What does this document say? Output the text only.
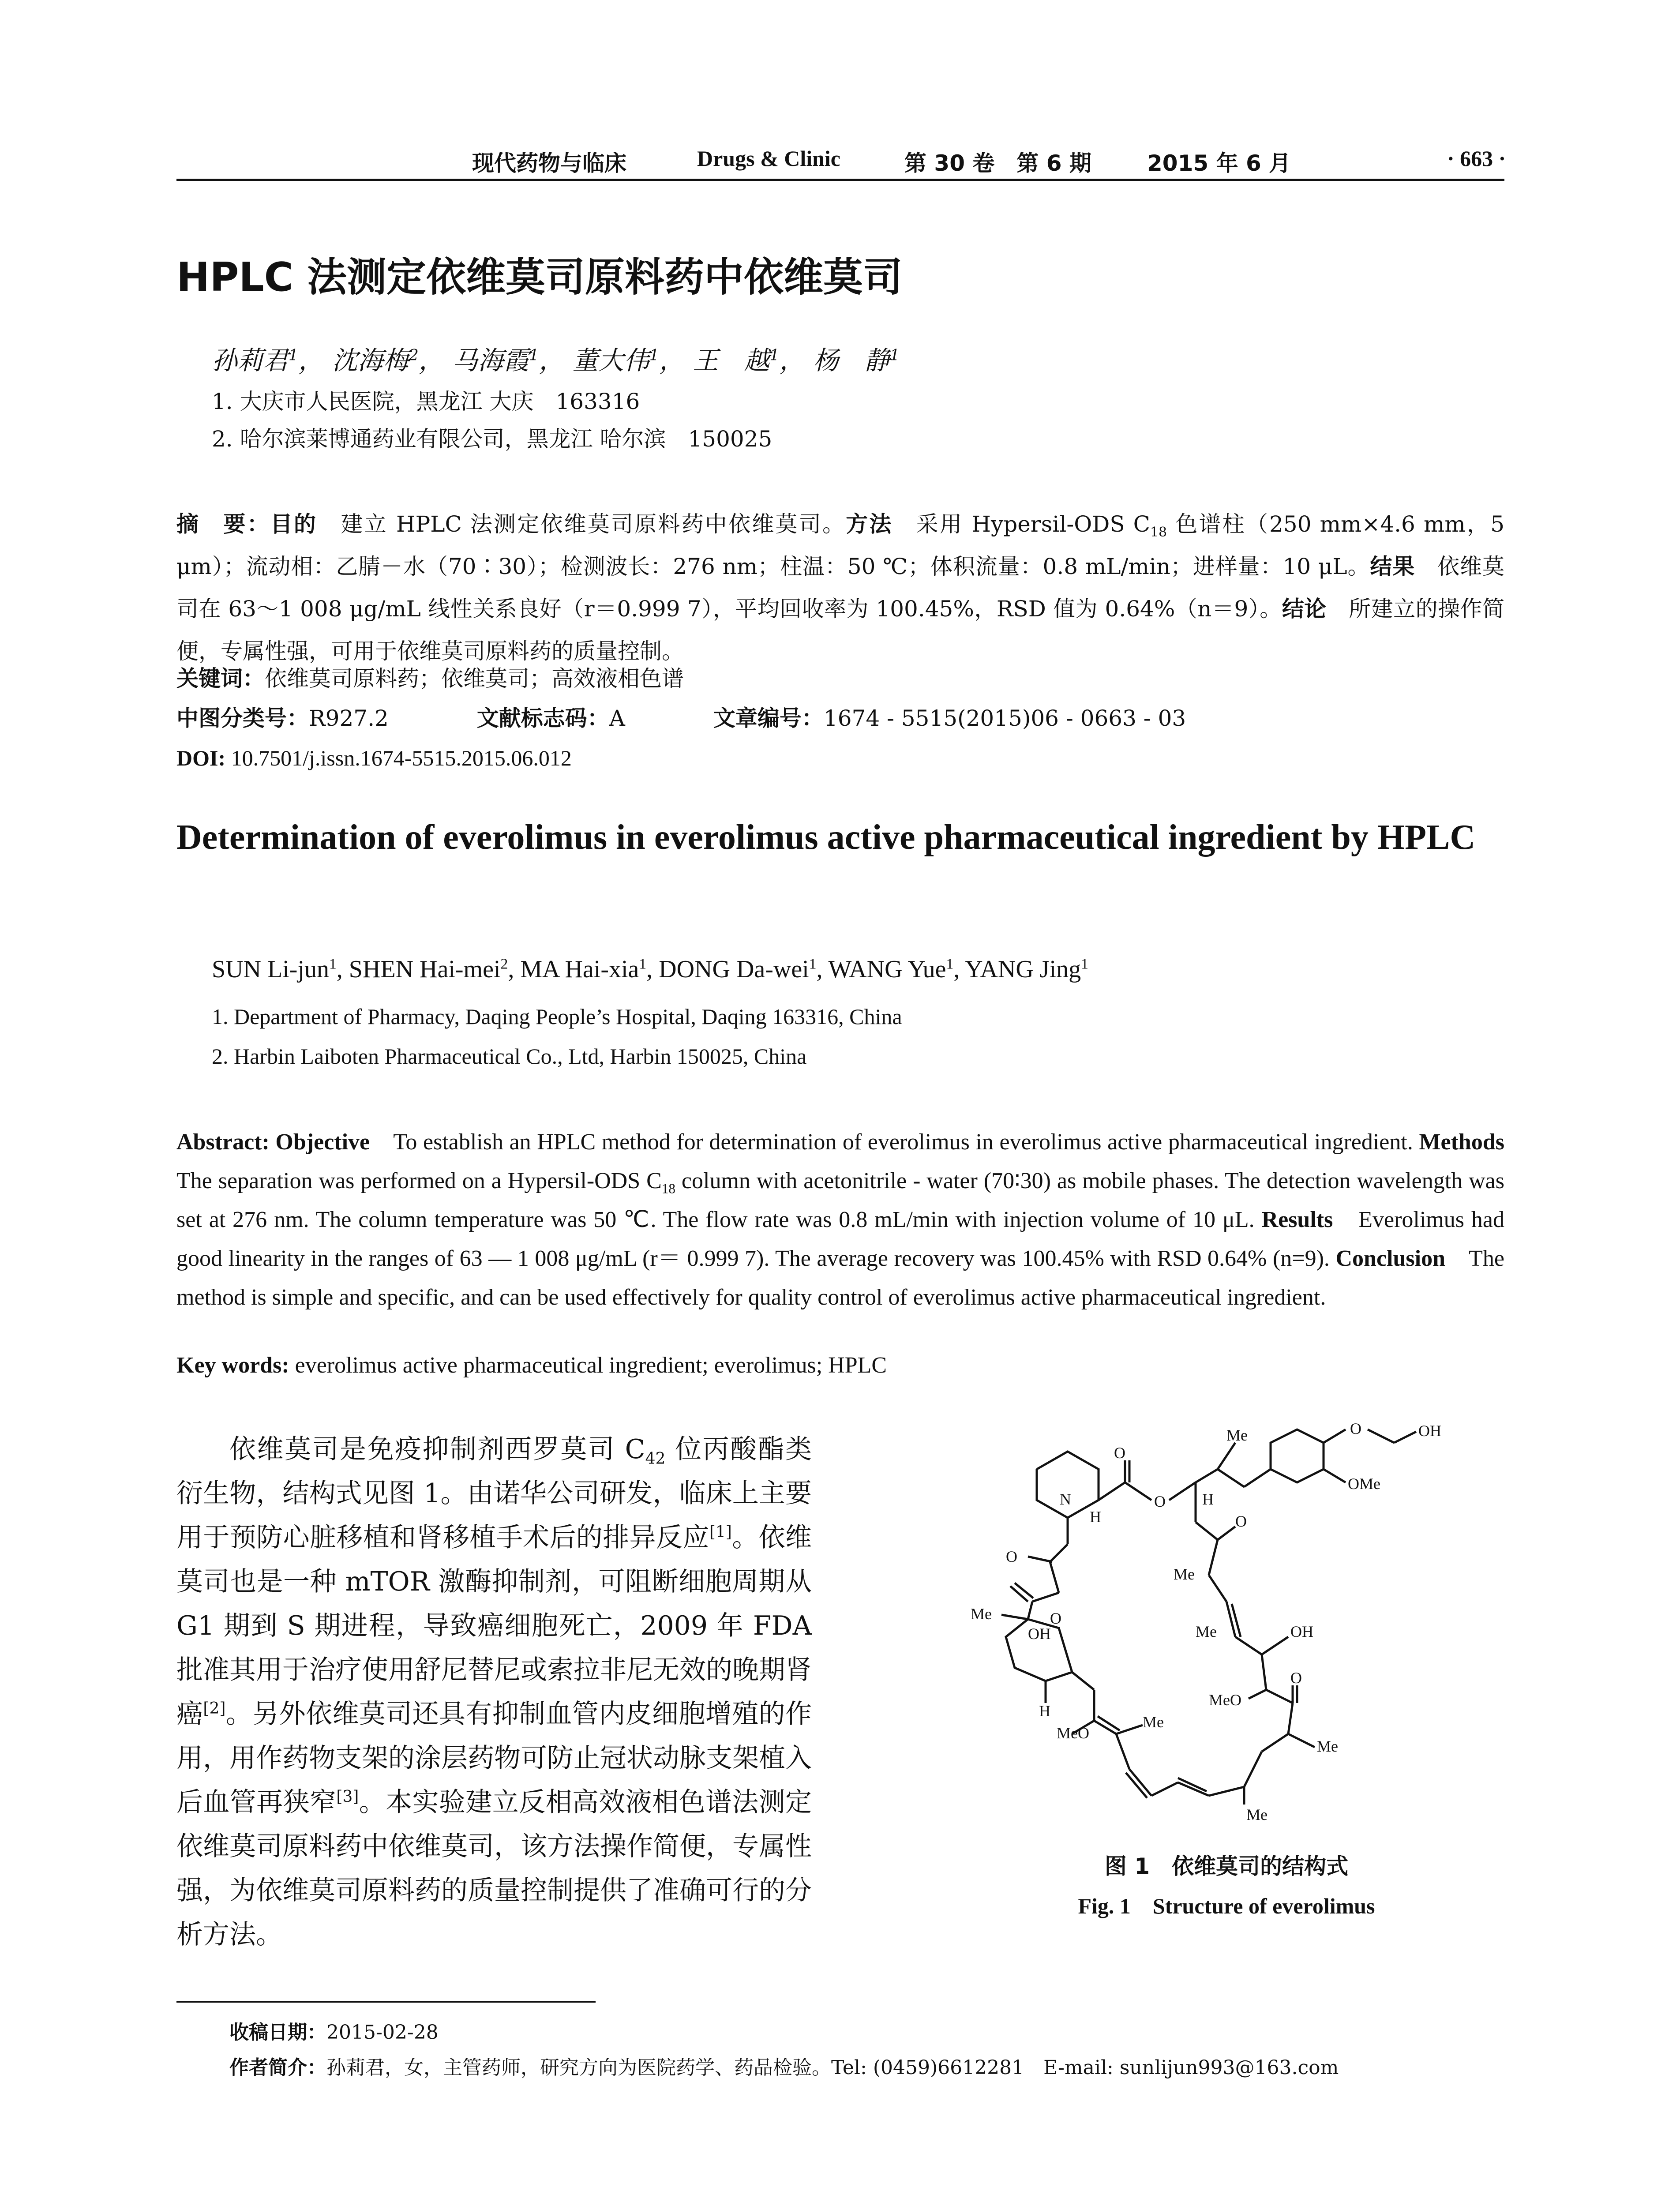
现代药物与临床	Drugs & Clinic	第 30 卷　第 6 期	2015 年 6 月	· 663 ·
HPLC 法测定依维莫司原料药中依维莫司
孙莉君$^1$， 沈海梅$^2$， 马海霞$^1$， 董大伟$^1$， 王　越$^1$， 杨　静$^1$
1. 大庆市人民医院，黑龙江 大庆　163316
2. 哈尔滨莱博通药业有限公司，黑龙江 哈尔滨　150025
摘　要：目的　 建立 HPLC 法测定依维莫司原料药中依维莫司。方法　 采用 Hypersil-ODS $C_{18}$ 色谱柱（250 mm×4.6 mm，5 μm）；流动相：乙腈－水（70∶30）；检测波长：276 nm；柱温：50 ℃；体积流量：0.8 mL/min；进样量：10 μL。结果　 依维莫司在 63～1 008 μg/mL 线性关系良好（r＝0.999 7），平均回收率为 100.45%，RSD 值为 0.64%（n＝9）。结论　 所建立的操作简便，专属性强，可用于依维莫司原料药的质量控制。
关键词：依维莫司原料药；依维莫司；高效液相色谱
中图分类号：R927.2	文献标志码：A	文章编号：1674 - 5515(2015)06 - 0663 - 03
DOI: 10.7501/j.issn.1674-5515.2015.06.012
Determination of everolimus in everolimus active pharmaceutical ingredient by HPLC
SUN Li-jun$^1$, SHEN Hai-mei$^2$, MA Hai-xia$^1$, DONG Da-wei$^1$, WANG Yue$^1$, YANG Jing$^1$
1. Department of Pharmacy, Daqing People’s Hospital, Daqing 163316, China
2. Harbin Laiboten Pharmaceutical Co., Ltd, Harbin 150025, China
Abstract: Objective　 To establish an HPLC method for determination of everolimus in everolimus active pharmaceutical ingredient. Methods　The separation was performed on a Hypersil-ODS $C_{18}$ column with acetonitrile - water (70∶30) as mobile phases. The detection wavelength was set at 276 nm. The column temperature was 50 ℃. The flow rate was 0.8 mL/min with injection volume of 10 μL. Results　 Everolimus had good linearity in the ranges of 63 — 1 008 μg/mL (r＝ 0.999 7). The average recovery was 100.45% with RSD 0.64% (n=9). Conclusion　 The method is simple and specific, and can be used effectively for quality control of everolimus active pharmaceutical ingredient.
Key words: everolimus active pharmaceutical ingredient; everolimus; HPLC
依维莫司是免疫抑制剂西罗莫司 $C_{42}$ 位丙酸酯类衍生物，结构式见图 1。由诺华公司研发，临床上主要用于预防心脏移植和肾移植手术后的排异反应[1]。依维莫司也是一种 mTOR 激酶抑制剂，可阻断细胞周期从 G1 期到 S 期进程，导致癌细胞死亡，2009 年 FDA 批准其用于治疗使用舒尼替尼或索拉非尼无效的晚期肾癌[2]。另外依维莫司还具有抑制血管内皮细胞增殖的作用，用作药物支架的涂层药物可防止冠状动脉支架植入后血管再狭窄[3]。本实验建立反相高效液相色谱法测定依维莫司原料药中依维莫司，该方法操作简便，专属性强，为依维莫司原料药的质量控制提供了准确可行的分析方法。
N
O
O
H
H
Me	O	OH
OMe
O
Me
Me	OH
MeO
O
Me
Me
Me
MeO
O
Me	O
OH
H
图 1　依维莫司的结构式
Fig. 1　Structure of everolimus
收稿日期：2015-02-28
作者简介：孙莉君，女，主管药师，研究方向为医院药学、药品检验。Tel: (0459)6612281　E-mail: sunlijun993@163.com
